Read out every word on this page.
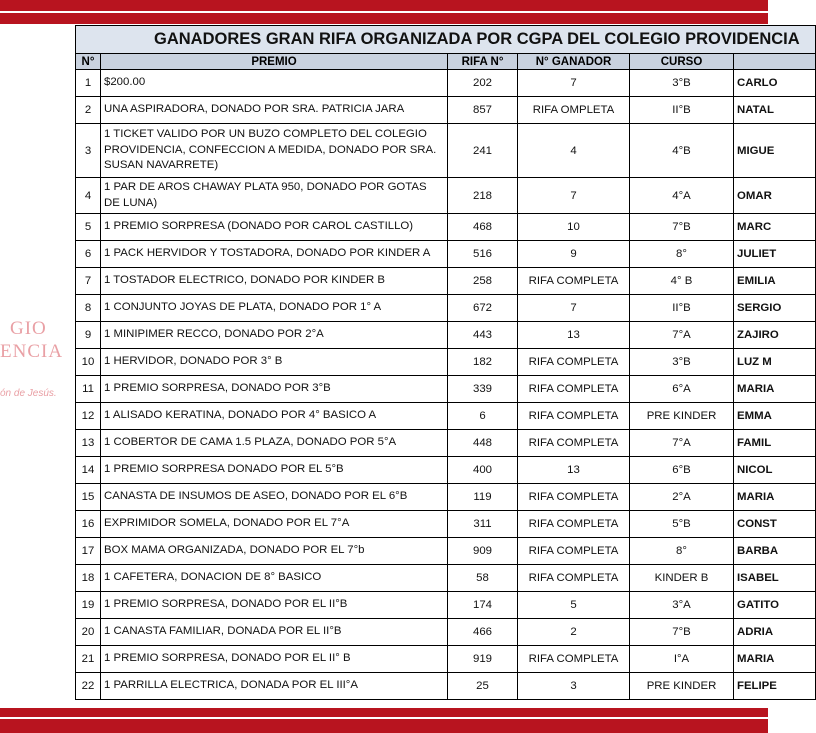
GIO
ENCIA
ón de Jesús.
GANADORES GRAN RIFA ORGANIZADA POR CGPA DEL COLEGIO PROVIDENCIA					
N°	PREMIO	RIFA N°	N° GANADOR	CURSO	
1	$200.00	202	7	3°B	CARLO
2	UNA ASPIRADORA, DONADO POR SRA. PATRICIA JARA	857	RIFA OMPLETA	II°B	NATAL
3	1 TICKET VALIDO POR UN BUZO COMPLETO DEL COLEGIO PROVIDENCIA, CONFECCION A MEDIDA, DONADO POR SRA. SUSAN NAVARRETE)	241	4	4°B	MIGUE
4	1 PAR DE AROS CHAWAY PLATA 950, DONADO POR GOTAS DE LUNA)	218	7	4°A	OMAR
5	1 PREMIO SORPRESA (DONADO POR CAROL CASTILLO)	468	10	7°B	MARC
6	1 PACK HERVIDOR Y TOSTADORA, DONADO POR KINDER A	516	9	8°	JULIET
7	1 TOSTADOR ELECTRICO, DONADO POR KINDER B	258	RIFA COMPLETA	4° B	EMILIA
8	1 CONJUNTO JOYAS DE PLATA, DONADO POR 1° A	672	7	II°B	SERGIO
9	1 MINIPIMER RECCO, DONADO POR 2°A	443	13	7°A	ZAJIRO
10	1 HERVIDOR, DONADO POR 3° B	182	RIFA COMPLETA	3°B	LUZ M
11	1 PREMIO SORPRESA, DONADO POR 3°B	339	RIFA COMPLETA	6°A	MARIA
12	1 ALISADO KERATINA, DONADO POR 4° BASICO A	6	RIFA COMPLETA	PRE KINDER	EMMA
13	1 COBERTOR DE CAMA 1.5 PLAZA, DONADO POR 5°A	448	RIFA COMPLETA	7°A	FAMIL
14	1 PREMIO SORPRESA DONADO POR EL 5°B	400	13	6°B	NICOL
15	CANASTA DE INSUMOS DE ASEO, DONADO POR EL 6°B	119	RIFA COMPLETA	2°A	MARIA
16	EXPRIMIDOR SOMELA, DONADO POR EL 7°A	311	RIFA COMPLETA	5°B	CONST
17	BOX MAMA ORGANIZADA, DONADO POR EL 7°b	909	RIFA COMPLETA	8°	BARBA
18	1 CAFETERA, DONACION DE 8° BASICO	58	RIFA COMPLETA	KINDER B	ISABEL
19	1 PREMIO SORPRESA, DONADO POR EL II°B	174	5	3°A	GATITO
20	1 CANASTA FAMILIAR, DONADA POR EL II°B	466	2	7°B	ADRIA
21	1 PREMIO SORPRESA, DONADO POR EL II° B	919	RIFA COMPLETA	I°A	MARIA
22	1 PARRILLA ELECTRICA, DONADA POR EL III°A	25	3	PRE KINDER	FELIPE
